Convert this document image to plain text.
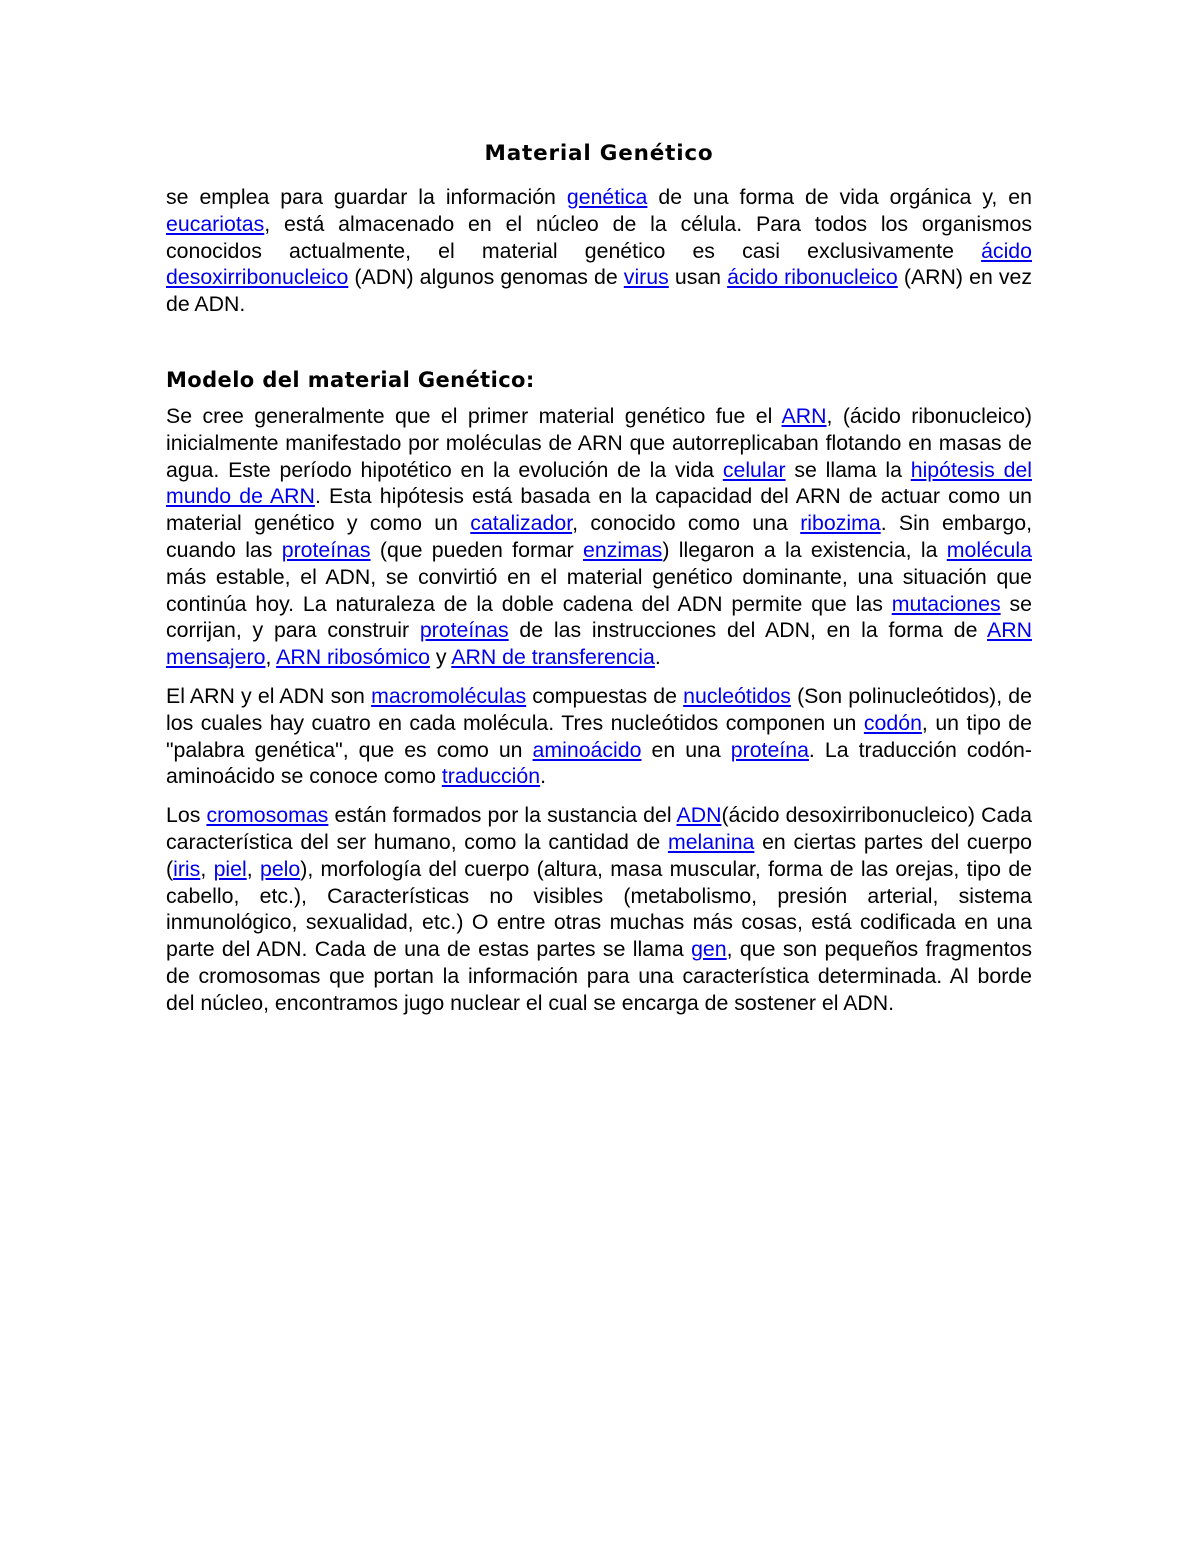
Material Genético

se emplea para guardar la información genética de una forma de vida orgánica y, en eucariotas, está almacenado en el núcleo de la célula. Para todos los organismos conocidos actualmente, el material genético es casi exclusivamente ácido desoxirribonucleico (ADN) algunos genomas de virus usan ácido ribonucleico (ARN) en vez de ADN.

Modelo del material Genético:

Se cree generalmente que el primer material genético fue el ARN, (ácido ribonucleico) inicialmente manifestado por moléculas de ARN que autorreplicaban flotando en masas de agua. Este período hipotético en la evolución de la vida celular se llama la hipótesis del mundo de ARN. Esta hipótesis está basada en la capacidad del ARN de actuar como un material genético y como un catalizador, conocido como una ribozima. Sin embargo, cuando las proteínas (que pueden formar enzimas) llegaron a la existencia, la molécula más estable, el ADN, se convirtió en el material genético dominante, una situación que continúa hoy. La naturaleza de la doble cadena del ADN permite que las mutaciones se corrijan, y para construir proteínas de las instrucciones del ADN, en la forma de ARN mensajero, ARN ribosómico y ARN de transferencia.

El ARN y el ADN son macromoléculas compuestas de nucleótidos (Son polinucleótidos), de los cuales hay cuatro en cada molécula. Tres nucleótidos componen un codón, un tipo de "palabra genética", que es como un aminoácido en una proteína. La traducción codón-aminoácido se conoce como traducción.

Los cromosomas están formados por la sustancia del ADN(ácido desoxirribonucleico) Cada característica del ser humano, como la cantidad de melanina en ciertas partes del cuerpo (iris, piel, pelo), morfología del cuerpo (altura, masa muscular, forma de las orejas, tipo de cabello, etc.), Características no visibles (metabolismo, presión arterial, sistema inmunológico, sexualidad, etc.) O entre otras muchas más cosas, está codificada en una parte del ADN. Cada de una de estas partes se llama gen, que son pequeños fragmentos de cromosomas que portan la información para una característica determinada. Al borde del núcleo, encontramos jugo nuclear el cual se encarga de sostener el ADN.
